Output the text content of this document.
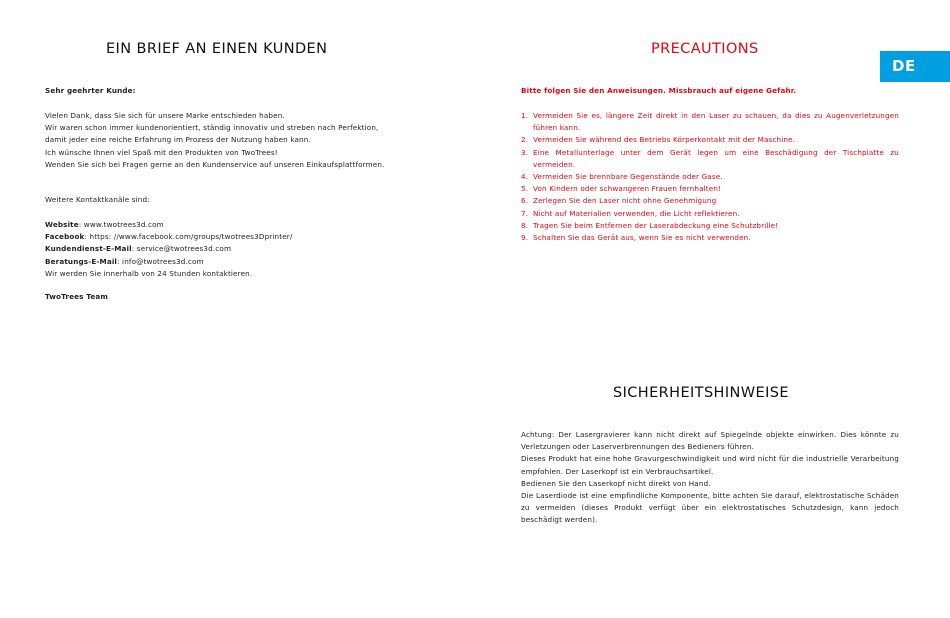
EIN BRIEF AN EINEN KUNDEN
Sehr geehrter Kunde:
Vielen Dank, dass Sie sich für unsere Marke entschieden haben.
Wir waren schon immer kundenorientiert, ständig innovativ und streben nach Perfektion,
damit jeder eine reiche Erfahrung im Prozess der Nutzung haben kann.
Ich wünsche Ihnen viel Spaß mit den Produkten von TwoTrees!
Wenden Sie sich bei Fragen gerne an den Kundenservice auf unseren Einkaufsplattformen.
Weitere Kontaktkanäle sind:
Website: www.twotrees3d.com
Facebook: https: //www.facebook.com/groups/twotrees3Dprinter/
Kundendienst-E-Mail: service@twotrees3d.com
Beratungs-E-Mail: info@twotrees3d.com
Wir werden Sie innerhalb von 24 Stunden kontaktieren.
TwoTrees Team
PRECAUTIONS
Bitte folgen Sie den Anweisungen. Missbrauch auf eigene Gefahr.
1. Vermeiden Sie es, längere Zeit direkt in den Laser zu schauen, da dies zu Augenverletzungen führen kann.
2. Vermeiden Sie während des Betriebs Körperkontakt mit der Maschine.
3. Eine Metallunterlage unter dem Gerät legen um eine Beschädigung der Tischplatte zu vermeiden.
4. Vermeiden Sie brennbare Gegenstände oder Gase.
5. Von Kindern oder schwangeren Frauen fernhalten!
6. Zerlegen Sie den Laser nicht ohne Genehmigung
7. Nicht auf Materialien verwenden, die Licht reflektieren.
8. Tragen Sie beim Entfernen der Laserabdeckung eine Schutzbrille!
9. Schalten Sie das Gerät aus, wenn Sie es nicht verwenden.
SICHERHEITSHINWEISE

Achtung: Der Lasergravierer kann nicht direkt auf Spiegelnde objekte einwirken. Dies könnte zu Verletzungen oder Laserverbrennungen des Bedieners führen.

Dieses Produkt hat eine hohe Gravurgeschwindigkeit und wird nicht für die industrielle Verarbeitung empfohlen. Der Laserkopf ist ein Verbrauchsartikel.

Bedienen Sie den Laserkopf nicht direkt von Hand.

Die Laserdiode ist eine empfindliche Komponente, bitte achten Sie darauf, elektrostatische Schäden zu vermeiden (dieses Produkt verfügt über ein elektrostatisches Schutzdesign, kann jedoch beschädigt werden).

DE
